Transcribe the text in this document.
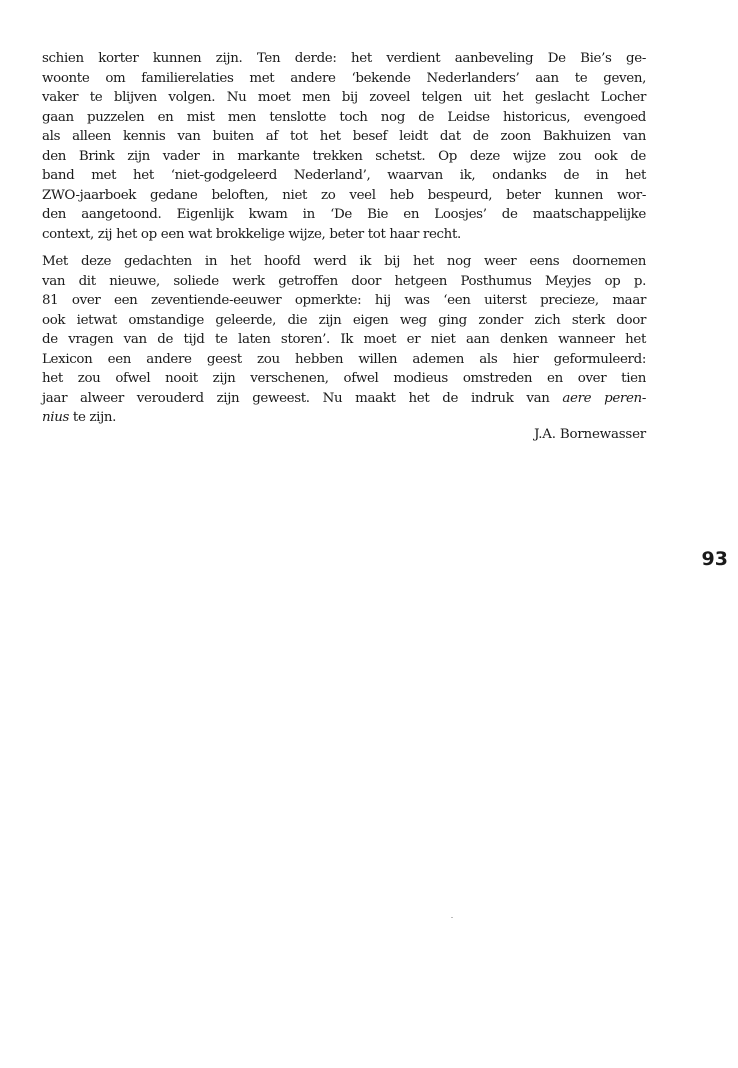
schien korter kunnen zijn. Ten derde: het verdient aanbeveling De Bie’s ge-
woonte om familierelaties met andere ‘bekende Nederlanders’ aan te geven,
vaker te blijven volgen. Nu moet men bij zoveel telgen uit het geslacht Locher
gaan puzzelen en mist men tenslotte toch nog de Leidse historicus, evengoed
als alleen kennis van buiten af tot het besef leidt dat de zoon Bakhuizen van
den Brink zijn vader in markante trekken schetst. Op deze wijze zou ook de
band met het ‘niet-godgeleerd Nederland’, waarvan ik, ondanks de in het
ZWO-jaarboek gedane beloften, niet zo veel heb bespeurd, beter kunnen wor-
den aangetoond. Eigenlijk kwam in ‘De Bie en Loosjes’ de maatschappelijke
context, zij het op een wat brokkelige wijze, beter tot haar recht.
Met deze gedachten in het hoofd werd ik bij het nog weer eens doornemen
van dit nieuwe, soliede werk getroffen door hetgeen Posthumus Meyjes op p.
81 over een zeventiende-eeuwer opmerkte: hij was ‘een uiterst precieze, maar
ook ietwat omstandige geleerde, die zijn eigen weg ging zonder zich sterk door
de vragen van de tijd te laten storen’. Ik moet er niet aan denken wanneer het
Lexicon een andere geest zou hebben willen ademen als hier geformuleerd:
het zou ofwel nooit zijn verschenen, ofwel modieus omstreden en over tien
jaar alweer verouderd zijn geweest. Nu maakt het de indruk van aere peren-
nius te zijn.
J.A. Bornewasser
93
